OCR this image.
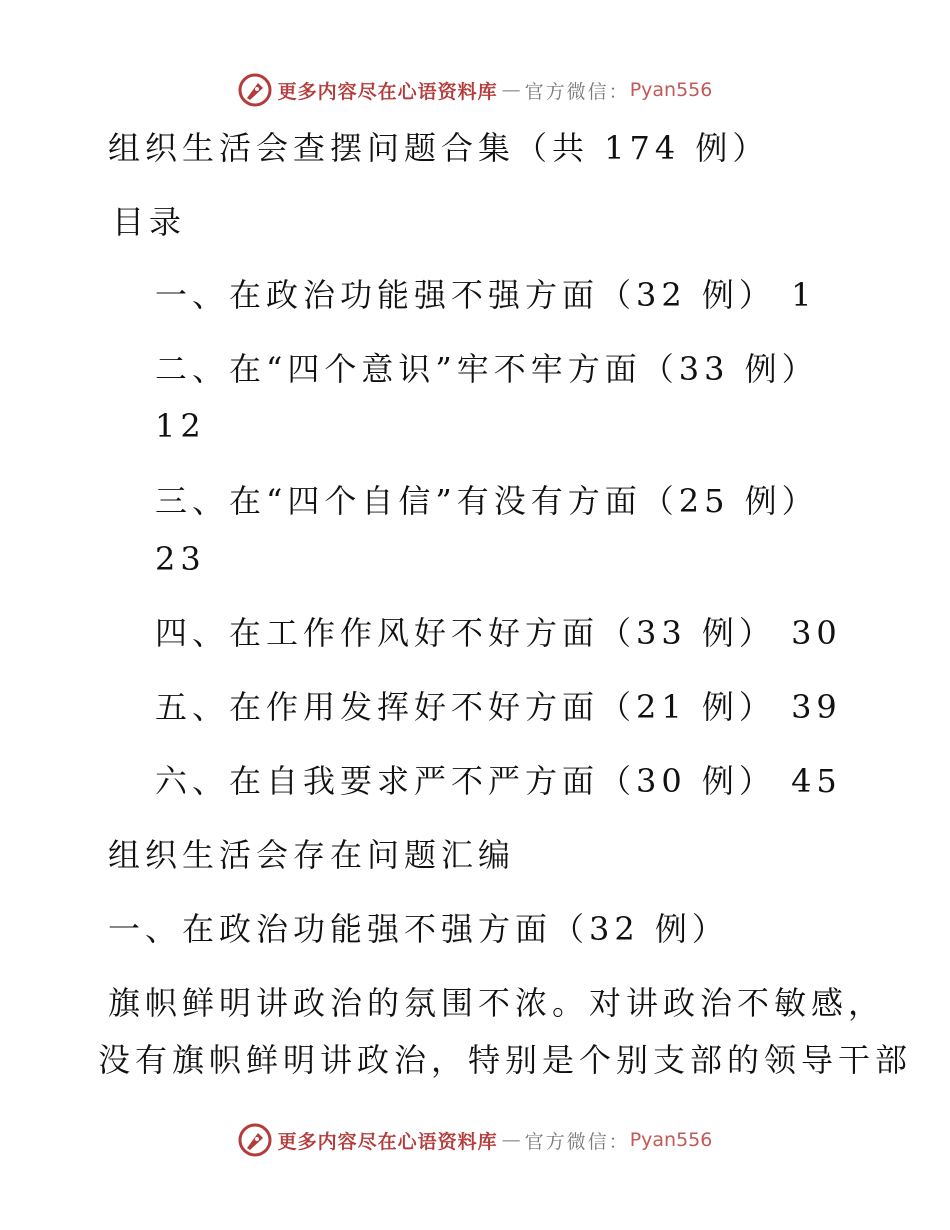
更多内容尽在心语资料库 — 官方微信： Pyan556
组织生活会查摆问题合集（共 174 例）
目录
一、在政治功能强不强方面（32 例） 1
二、在“四个意识”牢不牢方面（33 例）
12
三、在“四个自信”有没有方面（25 例）
23
四、在工作作风好不好方面（33 例） 30
五、在作用发挥好不好方面（21 例） 39
六、在自我要求严不严方面（30 例） 45
组织生活会存在问题汇编
一、在政治功能强不强方面（32 例）
旗帜鲜明讲政治的氛围不浓。对讲政治不敏感，
没有旗帜鲜明讲政治，特别是个别支部的领导干部
更多内容尽在心语资料库 — 官方微信： Pyan556
